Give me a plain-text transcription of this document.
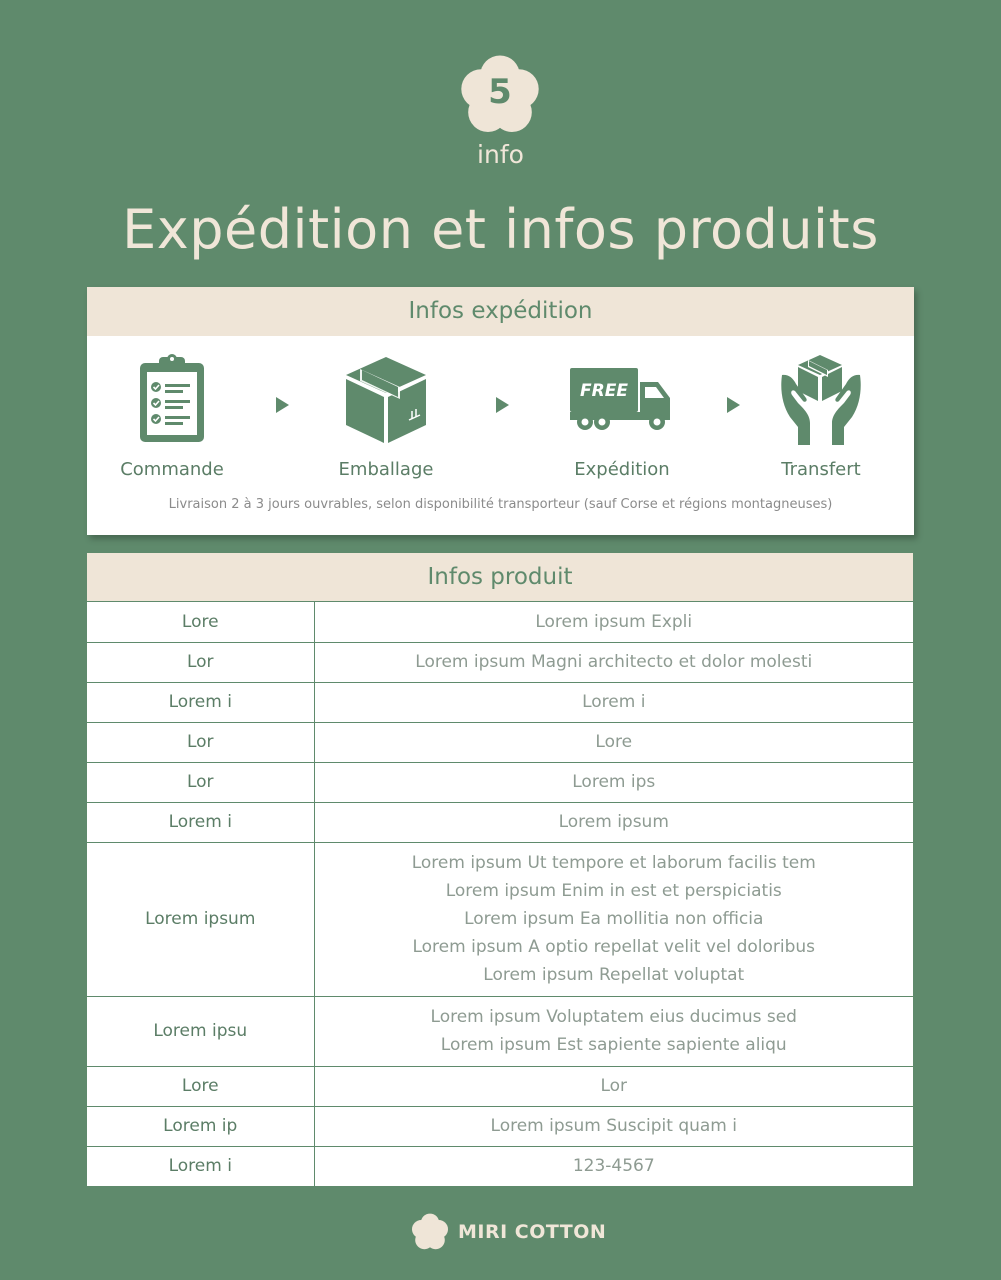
5
info
Expédition et infos produits
Infos expédition
Commande	Emballage
FREE
Expédition	Transfert
Livraison 2 à 3 jours ouvrables, selon disponibilité transporteur (sauf Corse et régions montagneuses)
Infos produit
Lore	Lorem ipsum Expli

Lor	Lorem ipsum Magni architecto et dolor molesti

Lorem i	Lorem i

Lor	Lore

Lor	Lorem ips

Lorem i	Lorem ipsum

Lorem ipsum	Lorem ipsum Ut tempore et laborum facilis tem
Lorem ipsum Enim in est et perspiciatis
Lorem ipsum Ea mollitia non officia
Lorem ipsum A optio repellat velit vel doloribus
Lorem ipsum Repellat voluptat

Lorem ipsu	Lorem ipsum Voluptatem eius ducimus sed
Lorem ipsum Est sapiente sapiente aliqu

Lore	Lor

Lorem ip	Lorem ipsum Suscipit quam i

Lorem i	123-4567
MIRI COTTON
